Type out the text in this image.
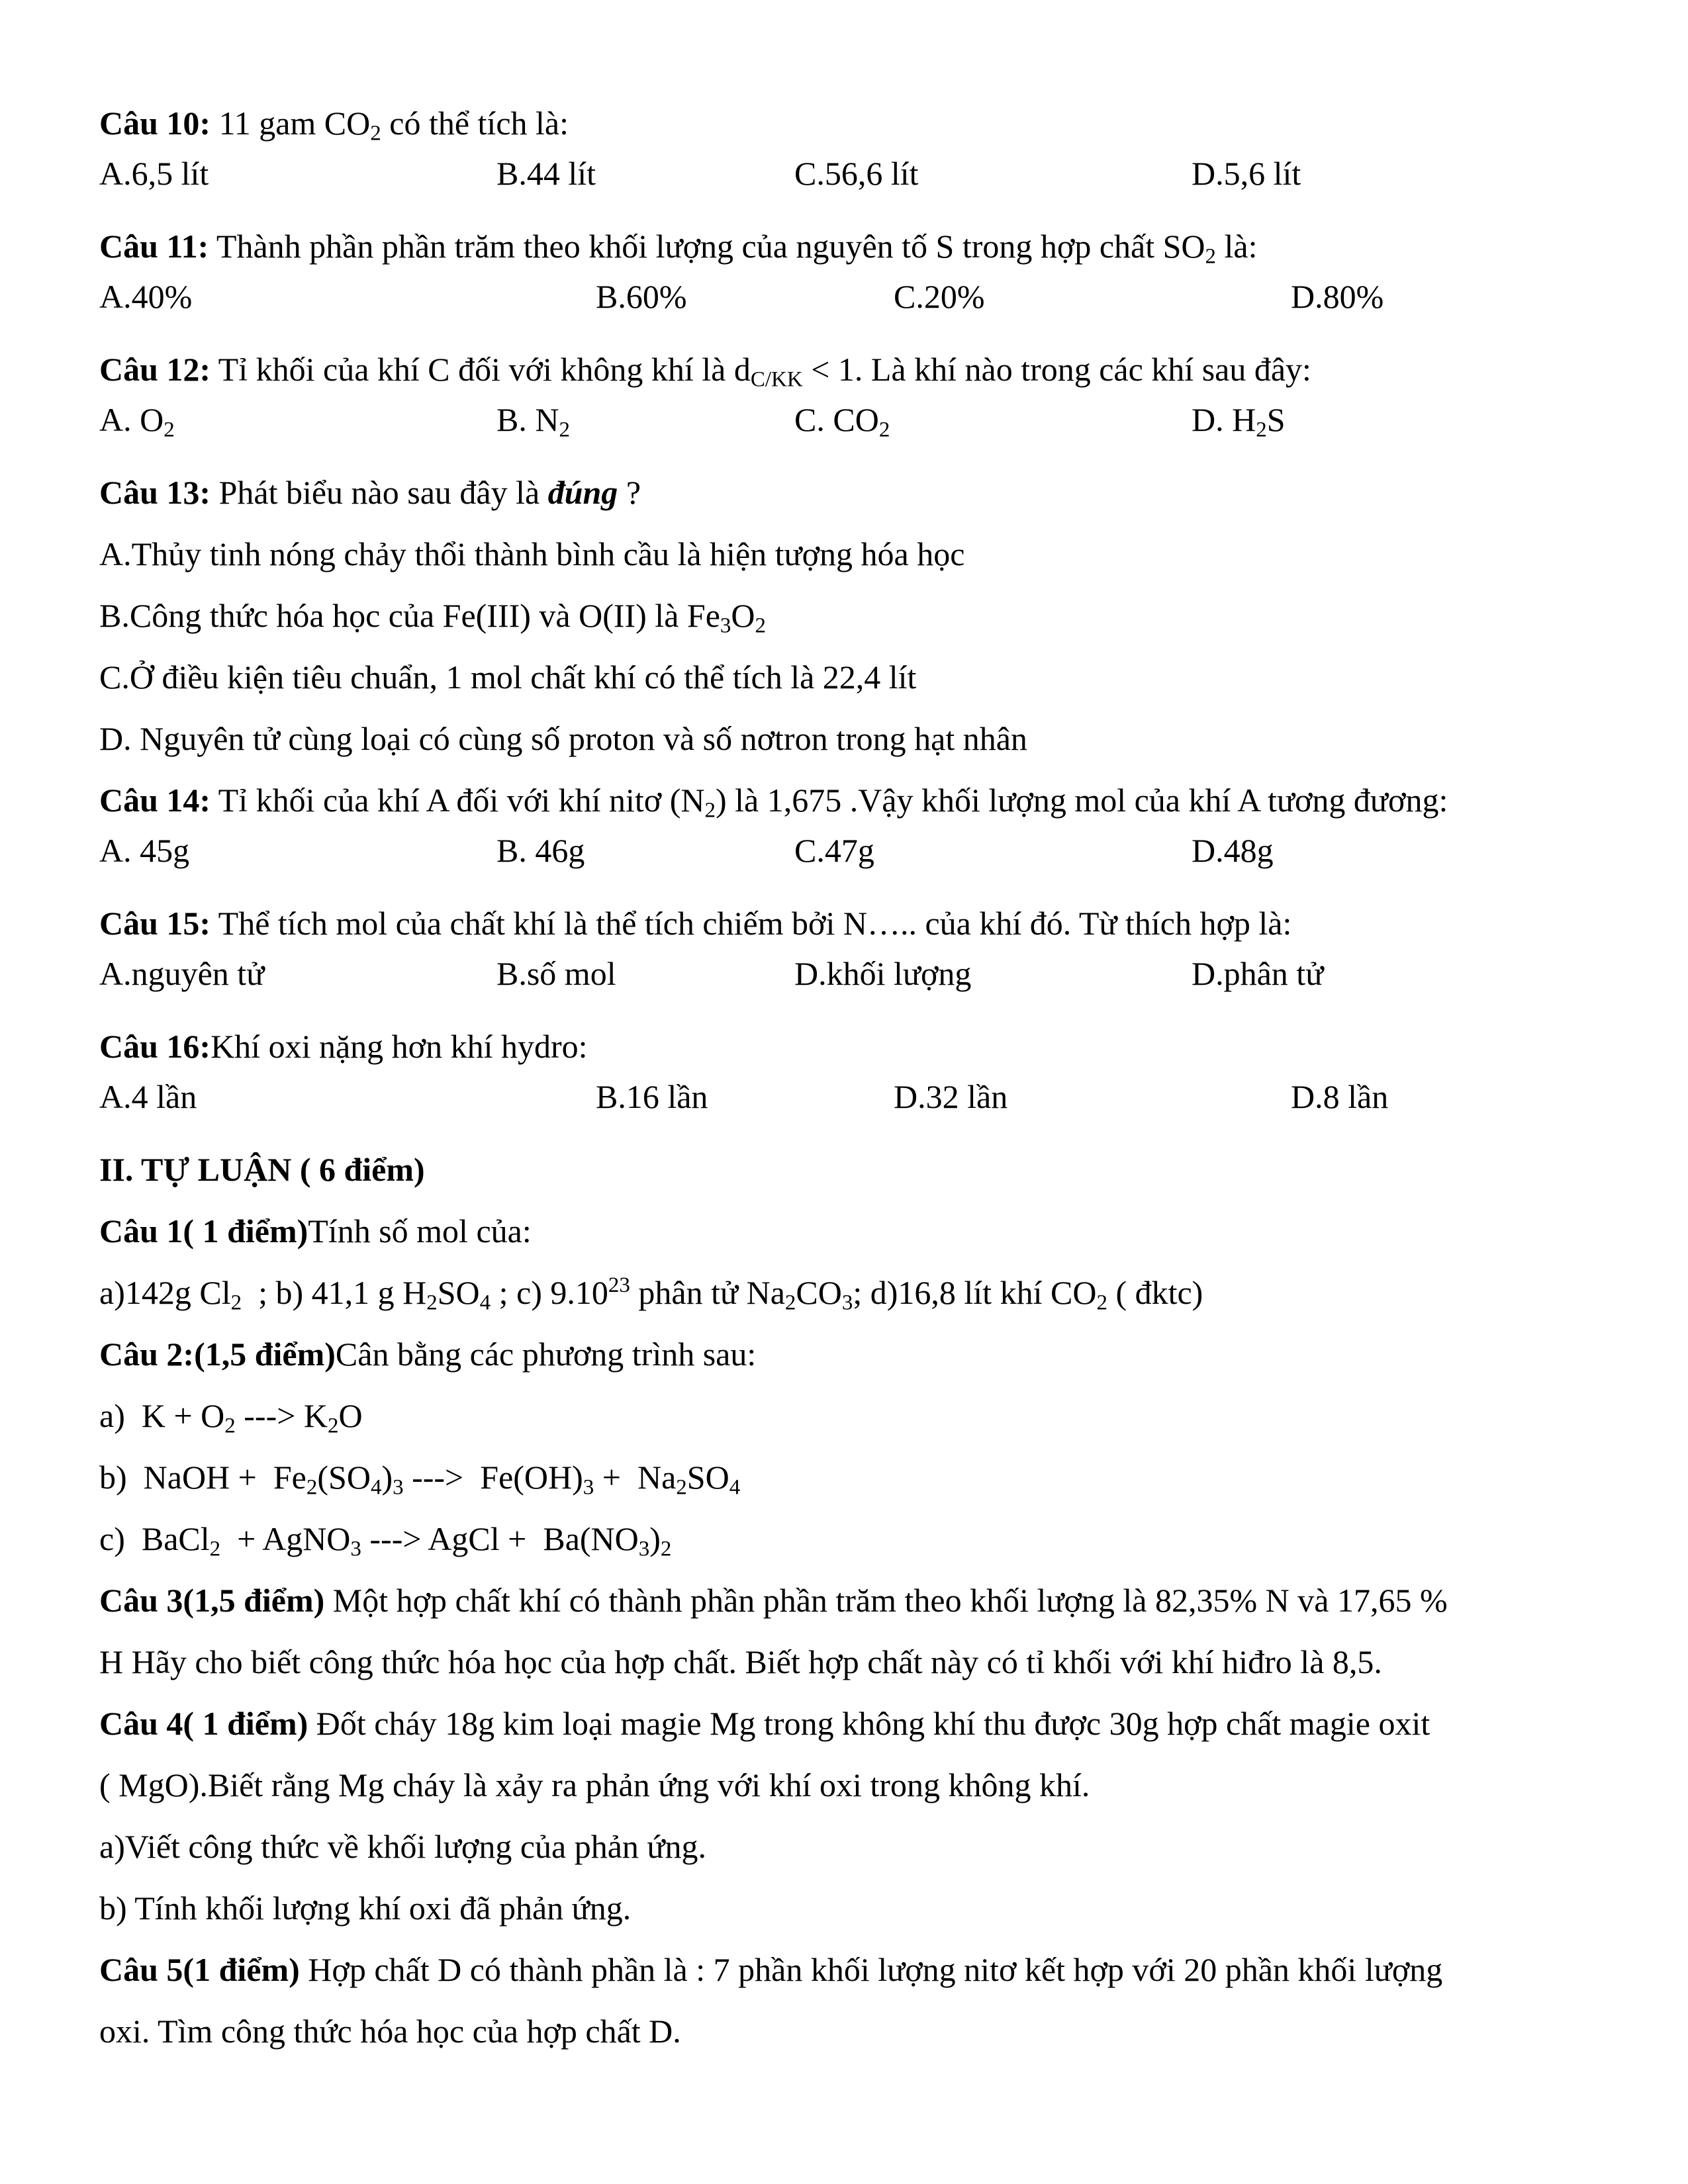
Câu 10: 11 gam $CO_2$ có thể tích là:
A.6,5 lít	B.44 lít	C.56,6 lít	D.5,6 lít
Câu 11: Thành phần phần trăm theo khối lượng của nguyên tố S trong hợp chất $SO_2$ là:
A.40%	B.60%	C.20%	D.80%
Câu 12: Tỉ khối của khí C đối với không khí là $d_{C/KK} < 1$. Là khí nào trong các khí sau đây:
A. $O_2$	B. $N_2$	C. $CO_2$	D. $H_2S$
Câu 13: Phát biểu nào sau đây là đúng ?
A.Thủy tinh nóng chảy thổi thành bình cầu là hiện tượng hóa học
B.Công thức hóa học của Fe(III) và O(II) là $Fe_3O_2$
C.Ở điều kiện tiêu chuẩn, 1 mol chất khí có thể tích là 22,4 lít
D. Nguyên tử cùng loại có cùng số proton và số nơtron trong hạt nhân
Câu 14: Tỉ khối của khí A đối với khí nitơ $(N_2)$ là 1,675 .Vậy khối lượng mol của khí A tương đương:
A. 45g	B. 46g	C.47g	D.48g
Câu 15: Thể tích mol của chất khí là thể tích chiếm bởi N….. của khí đó. Từ thích hợp là:
A.nguyên tử	B.số mol	D.khối lượng	D.phân tử
Câu 16:Khí oxi nặng hơn khí hydro:
A.4 lần	B.16 lần	D.32 lần	D.8 lần
II. TỰ LUẬN ( 6 điểm)
Câu 1( 1 điểm)Tính số mol của:
a)142g $Cl_2$  ; b) 41,1 g $H_2SO_4$ ; c) 9.10$^{23}$ phân tử $Na_2CO_3$; d)16,8 lít khí $CO_2$ ( đktc)
Câu 2:(1,5 điểm)Cân bằng các phương trình sau:
a)  $K + O_2$ ---> $K_2O$
b)  NaOH +  $Fe_2(SO_4)_3$ --->  $Fe(OH)_3 + Na_2SO_4$
c)  BaCl$_2$  + AgNO$_3$ ---> AgCl +  $Ba(NO_3)_2$
Câu 3(1,5 điểm) Một hợp chất khí có thành phần phần trăm theo khối lượng là 82,35% N và 17,65 %
H Hãy cho biết công thức hóa học của hợp chất. Biết hợp chất này có tỉ khối với khí hiđro là 8,5.
Câu 4( 1 điểm) Đốt cháy 18g kim loại magie Mg trong không khí thu được 30g hợp chất magie oxit
( MgO).Biết rằng Mg cháy là xảy ra phản ứng với khí oxi trong không khí.
a)Viết công thức về khối lượng của phản ứng.
b) Tính khối lượng khí oxi đã phản ứng.
Câu 5(1 điểm) Hợp chất D có thành phần là : 7 phần khối lượng nitơ kết hợp với 20 phần khối lượng
oxi. Tìm công thức hóa học của hợp chất D.
